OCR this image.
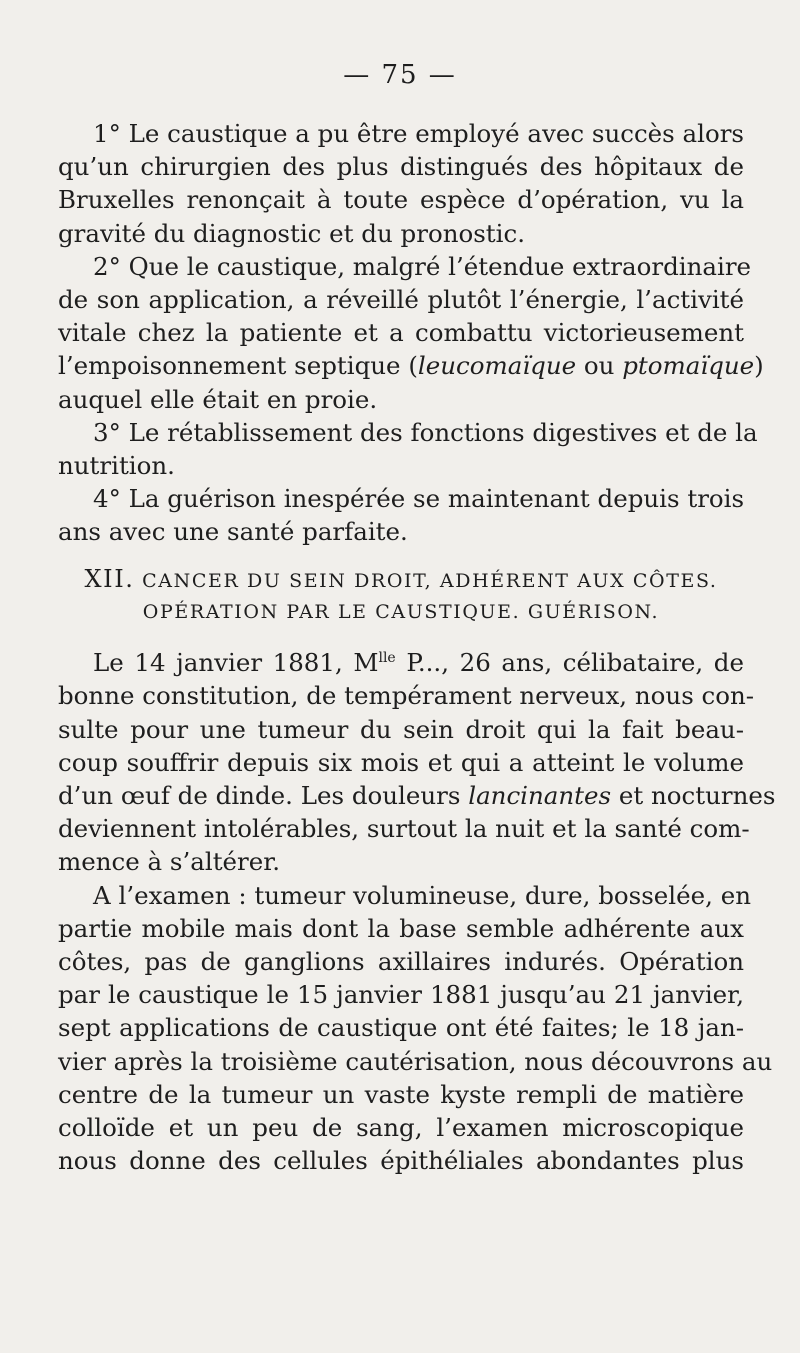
— 75 —
1° Le caustique a pu être employé avec succès alors
qu’un chirurgien des plus distingués des hôpitaux de
Bruxelles renonçait à toute espèce d’opération, vu la
gravité du diagnostic et du pronostic.
2° Que le caustique, malgré l’étendue extraordinaire
de son application, a réveillé plutôt l’énergie, l’activité
vitale chez la patiente et a combattu victorieusement
l’empoisonnement septique (leucomaïque ou ptomaïque)
auquel elle était en proie.
3° Le rétablissement des fonctions digestives et de la
nutrition.
4° La guérison inespérée se maintenant depuis trois
ans avec une santé parfaite.
XII. CANCER DU SEIN DROIT, ADHÉRENT AUX CÔTES.
OPÉRATION PAR LE CAUSTIQUE. GUÉRISON.
Le 14 janvier 1881, $M^{lle}$ P..., 26 ans, célibataire, de
bonne constitution, de tempérament nerveux, nous con-
sulte pour une tumeur du sein droit qui la fait beau-
coup souffrir depuis six mois et qui a atteint le volume
d’un œuf de dinde. Les douleurs lancinantes et nocturnes
deviennent intolérables, surtout la nuit et la santé com-
mence à s’altérer.
A l’examen : tumeur volumineuse, dure, bosselée, en
partie mobile mais dont la base semble adhérente aux
côtes, pas de ganglions axillaires indurés. Opération
par le caustique le 15 janvier 1881 jusqu’au 21 janvier,
sept applications de caustique ont été faites; le 18 jan-
vier après la troisième cautérisation, nous découvrons au
centre de la tumeur un vaste kyste rempli de matière
colloïde et un peu de sang, l’examen microscopique
nous donne des cellules épithéliales abondantes plus
